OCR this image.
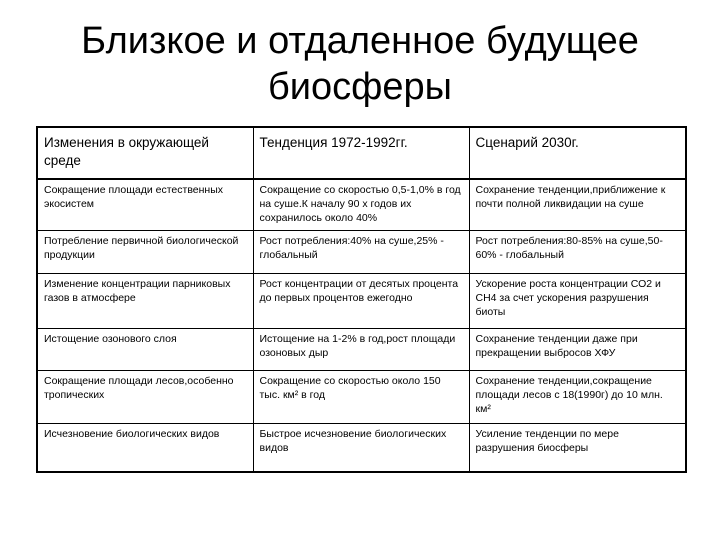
Близкое и отдаленное будущее
биосферы
Изменения в окружающей среде	Тенденция 1972-1992гг.	Сценарий 2030г.
Сокращение площади естественных экосистем	Сокращение со скоростью 0,5-1,0% в год на суше.К началу 90 х годов их сохранилось около 40%	Сохранение тенденции,приближение к почти полной ликвидации на суше
Потребление первичной биологической продукции	Рост потребления:40% на суше,25% - глобальный	Рост потребления:80-85% на суше,50-60% - глобальный
Изменение концентрации парниковых газов в атмосфере	Рост концентрации от десятых процента до первых процентов ежегодно	Ускорение роста концентрации СО2 и СН4 за счет ускорения разрушения биоты
Истощение озонового слоя	Истощение на 1-2% в год,рост площади озоновых дыр	Сохранение тенденции даже при прекращении выбросов ХФУ
Сокращение площади лесов,особенно тропических	Сокращение со скоростью около 150 тыс. км² в год	Сохранение тенденции,сокращение площади лесов с 18(1990г) до 10 млн. км²
Исчезновение биологических видов	Быстрое исчезновение биологических видов	Усиление тенденции по мере разрушения биосферы
